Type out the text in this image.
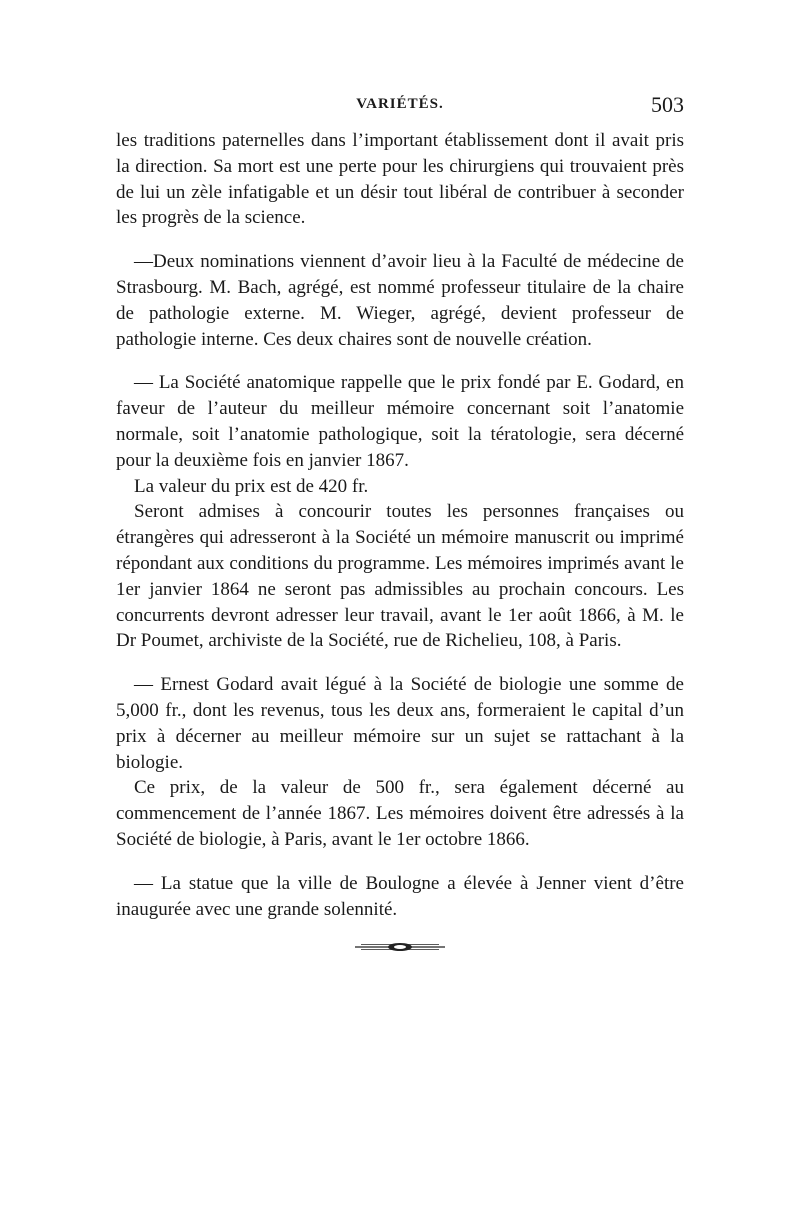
VARIÉTÉS.	503

les traditions paternelles dans l’important établissement dont il avait pris la direction. Sa mort est une perte pour les chirurgiens qui trouvaient près de lui un zèle infatigable et un désir tout libéral de contribuer à seconder les progrès de la science.

—Deux nominations viennent d’avoir lieu à la Faculté de médecine de Strasbourg. M. Bach, agrégé, est nommé professeur titulaire de la chaire de pathologie externe. M. Wieger, agrégé, devient professeur de pathologie interne. Ces deux chaires sont de nouvelle création.

— La Société anatomique rappelle que le prix fondé par E. Godard, en faveur de l’auteur du meilleur mémoire concernant soit l’anatomie normale, soit l’anatomie pathologique, soit la tératologie, sera décerné pour la deuxième fois en janvier 1867.

La valeur du prix est de 420 fr.

Seront admises à concourir toutes les personnes françaises ou étrangères qui adresseront à la Société un mémoire manuscrit ou imprimé répondant aux conditions du programme. Les mémoires imprimés avant le 1er janvier 1864 ne seront pas admissibles au prochain concours. Les concurrents devront adresser leur travail, avant le 1er août 1866, à M. le Dr Poumet, archiviste de la Société, rue de Richelieu, 108, à Paris.

— Ernest Godard avait légué à la Société de biologie une somme de 5,000 fr., dont les revenus, tous les deux ans, formeraient le capital d’un prix à décerner au meilleur mémoire sur un sujet se rattachant à la biologie.

Ce prix, de la valeur de 500 fr., sera également décerné au commencement de l’année 1867. Les mémoires doivent être adressés à la Société de biologie, à Paris, avant le 1er octobre 1866.

— La statue que la ville de Boulogne a élevée à Jenner vient d’être inaugurée avec une grande solennité.
